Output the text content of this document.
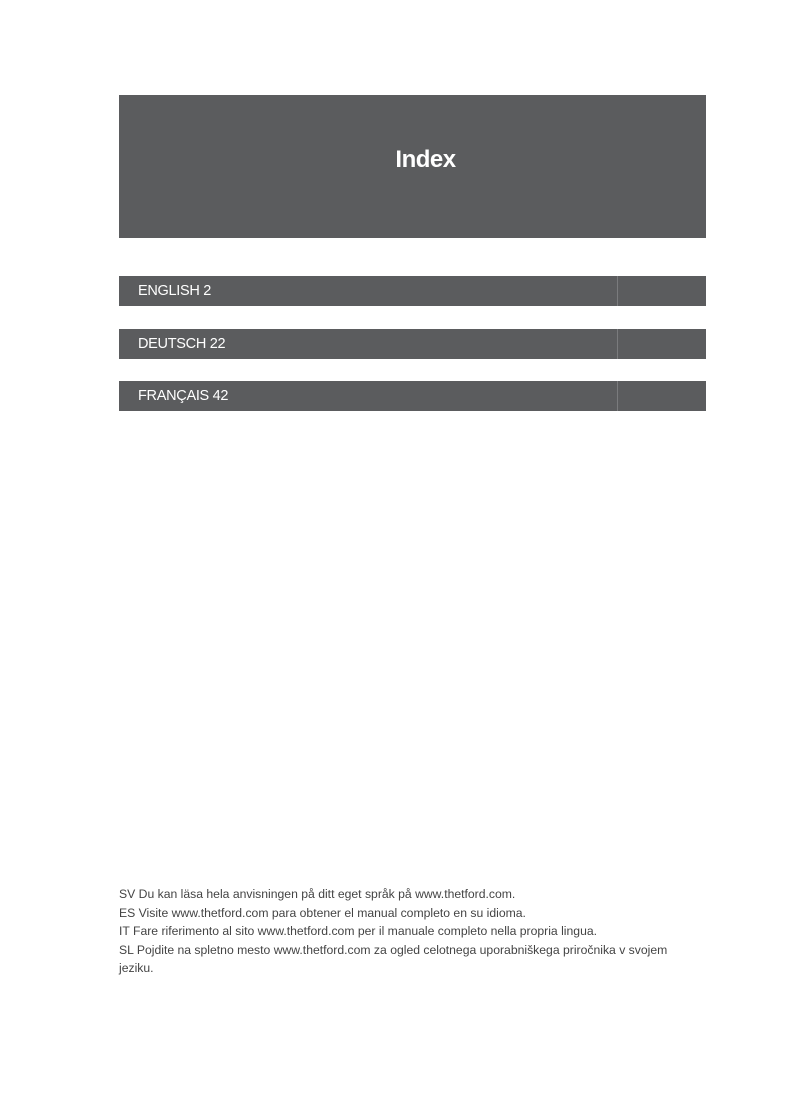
Index
ENGLISH 2
DEUTSCH 22
FRANÇAIS 42

SV Du kan läsa hela anvisningen på ditt eget språk på www.thetford.com.

ES Visite www.thetford.com para obtener el manual completo en su idioma.

IT Fare riferimento al sito www.thetford.com per il manuale completo nella propria lingua.

SL Pojdite na spletno mesto www.thetford.com za ogled celotnega uporabniškega priročnika v svojem jeziku.
